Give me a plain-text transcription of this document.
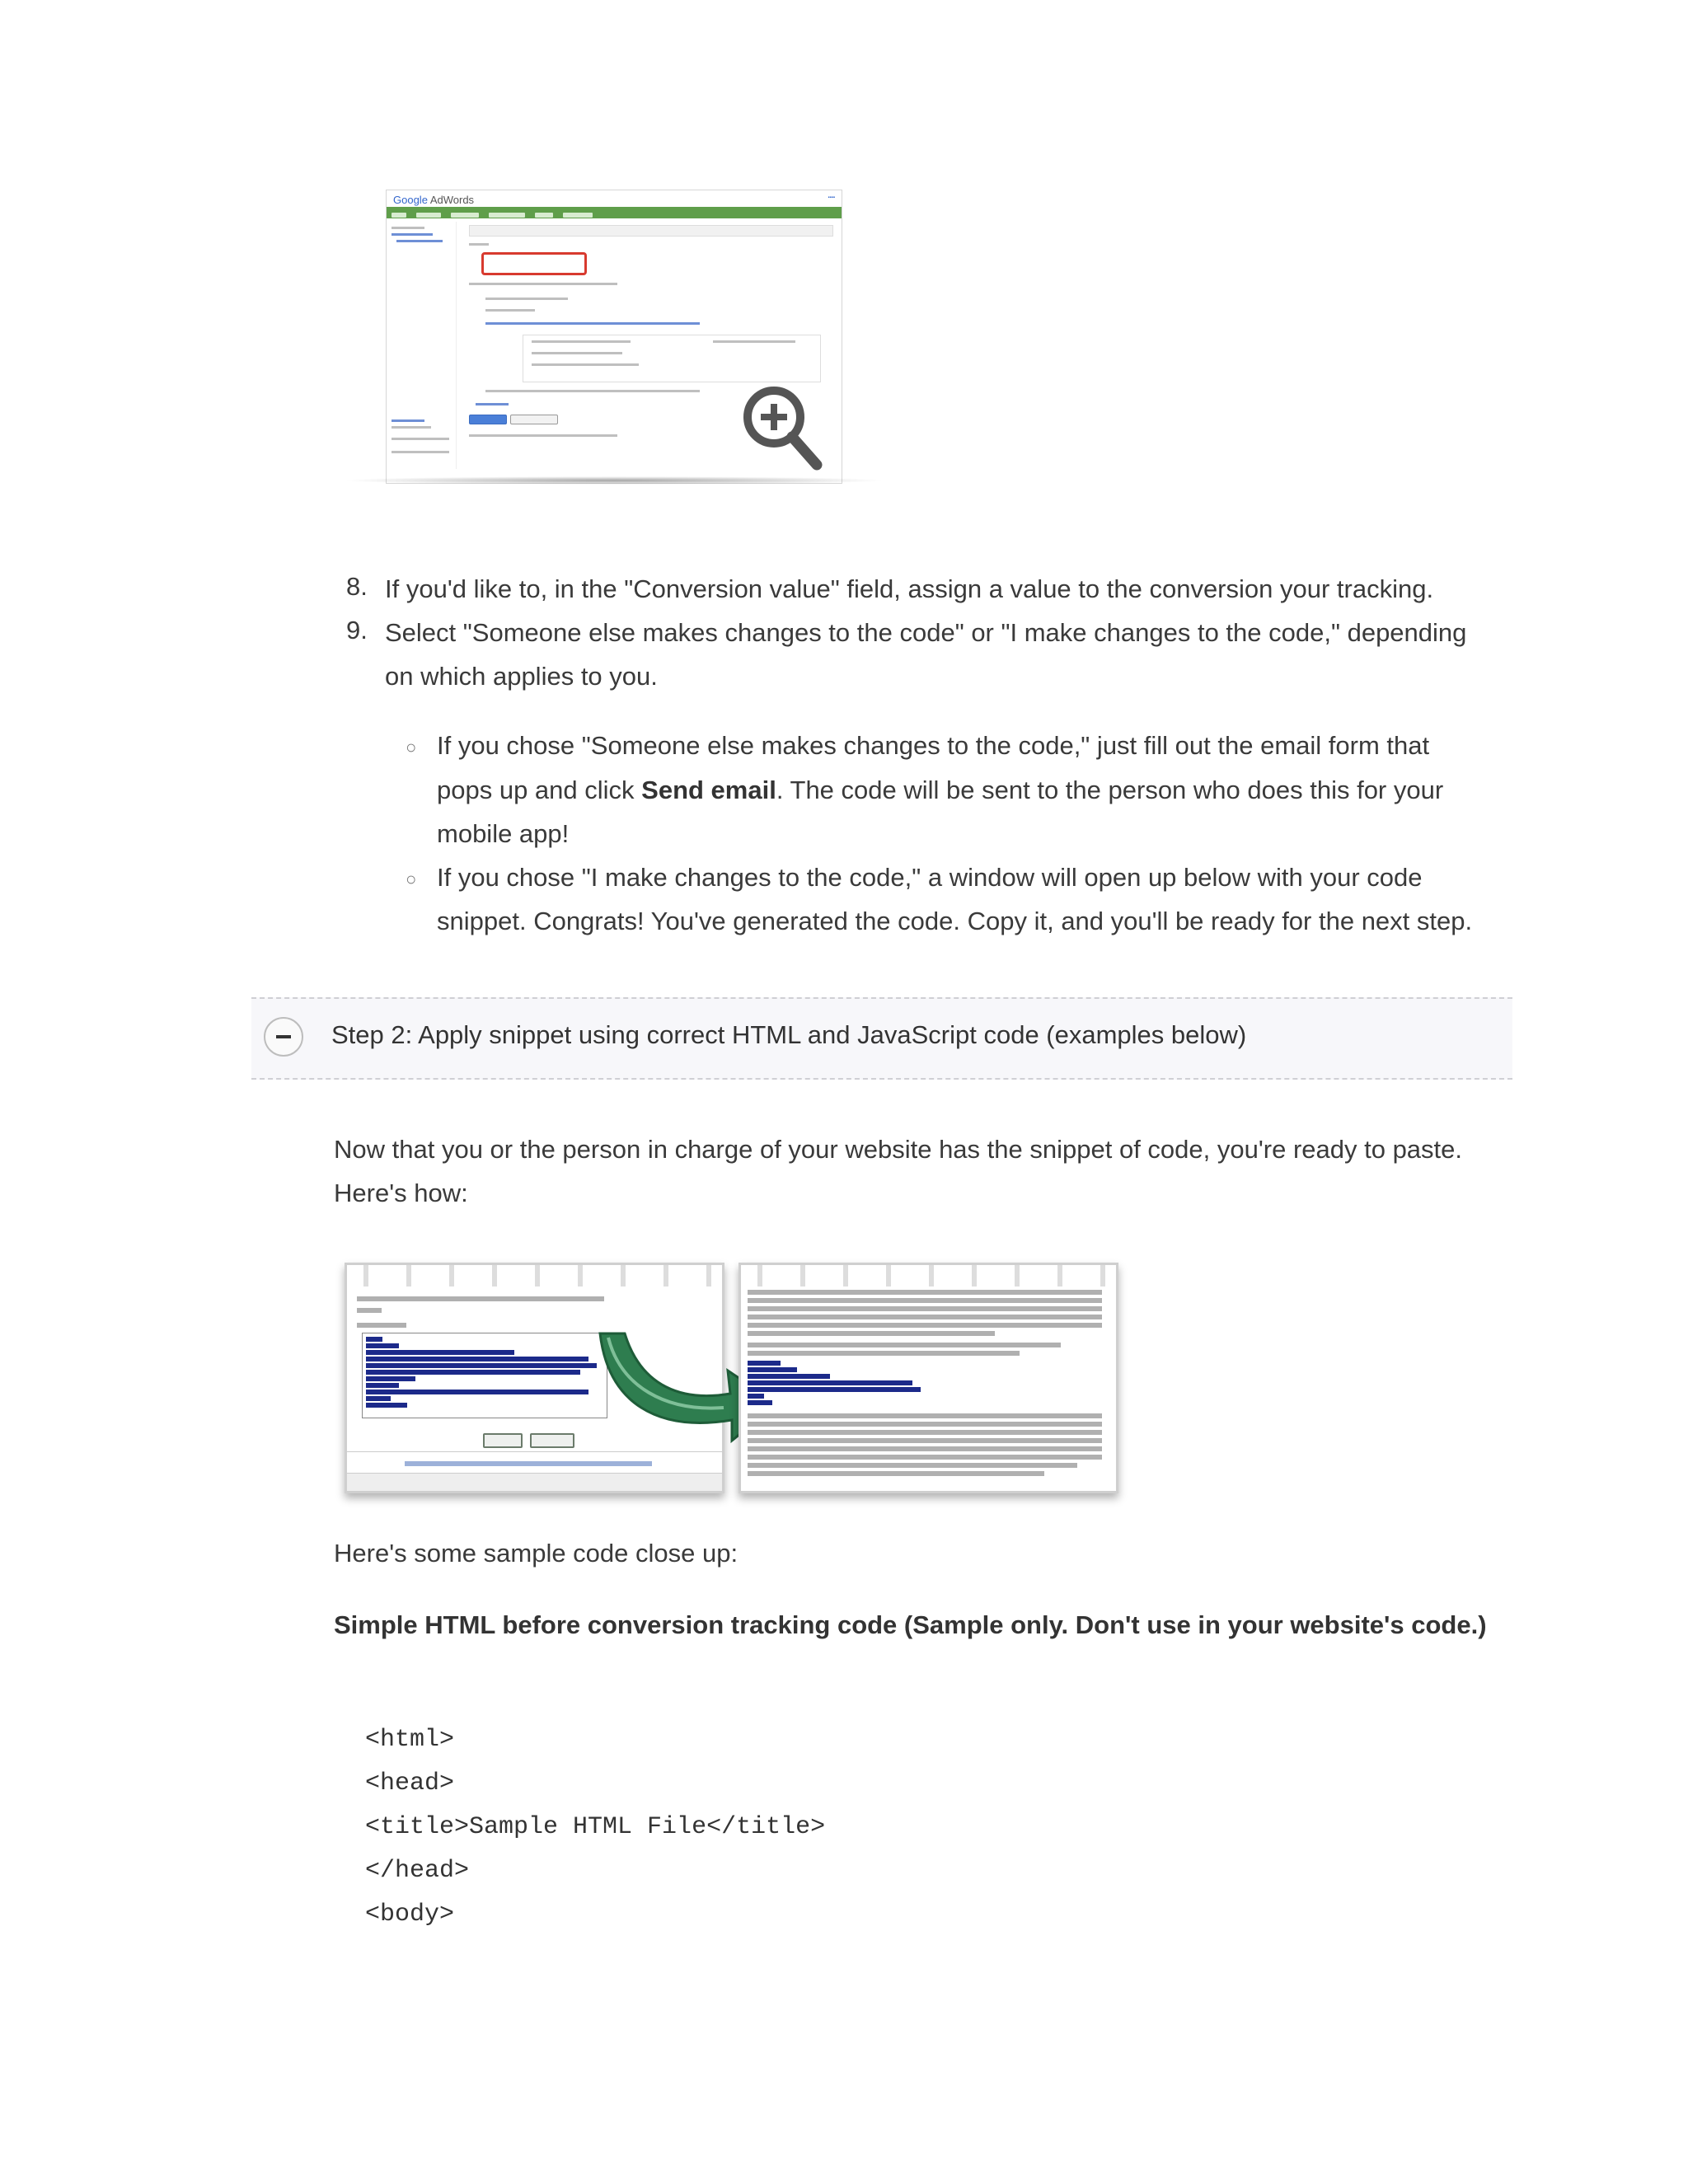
Google AdWords	▪▪▪▪
8. If you'd like to, in the "Conversion value" field, assign a value to the conversion your tracking.
9. Select "Someone else makes changes to the code" or "I make changes to the code," depending
on which applies to you.
○ If you chose "Someone else makes changes to the code," just fill out the email form that
pops up and click Send email. The code will be sent to the person who does this for your
mobile app!
○ If you chose "I make changes to the code," a window will open up below with your code
snippet. Congrats! You've generated the code. Copy it, and you'll be ready for the next step.
Step 2: Apply snippet using correct HTML and JavaScript code (examples below)
Now that you or the person in charge of your website has the snippet of code, you're ready to paste.
Here's how:
Here's some sample code close up:
Simple HTML before conversion tracking code (Sample only. Don't use in your website's code.)
<html>
<head>
<title>Sample HTML File</title>
</head>
<body>
